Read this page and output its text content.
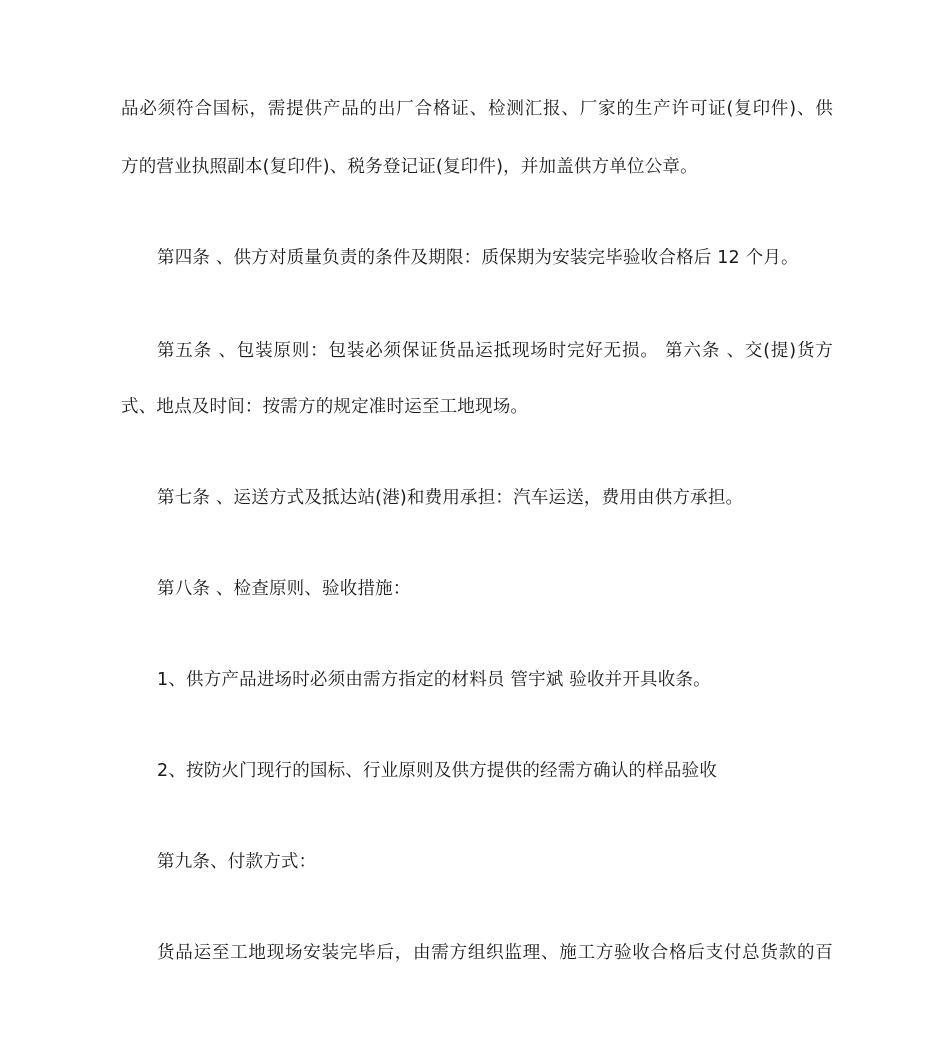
品必须符合国标，需提供产品的出厂合格证、检测汇报、厂家的生产许可证(复印件)、供
方的营业执照副本(复印件)、税务登记证(复印件)，并加盖供方单位公章。
第四条 、供方对质量负责的条件及期限：质保期为安装完毕验收合格后 12 个月。
第五条 、包装原则：包装必须保证货品运抵现场时完好无损。 第六条 、交(提)货方
式、地点及时间：按需方的规定准时运至工地现场。
第七条 、运送方式及抵达站(港)和费用承担：汽车运送，费用由供方承担。
第八条 、检查原则、验收措施：
1、供方产品进场时必须由需方指定的材料员 管宇斌 验收并开具收条。
2、按防火门现行的国标、行业原则及供方提供的经需方确认的样品验收
第九条、付款方式：
货品运至工地现场安装完毕后，由需方组织监理、施工方验收合格后支付总货款的百
